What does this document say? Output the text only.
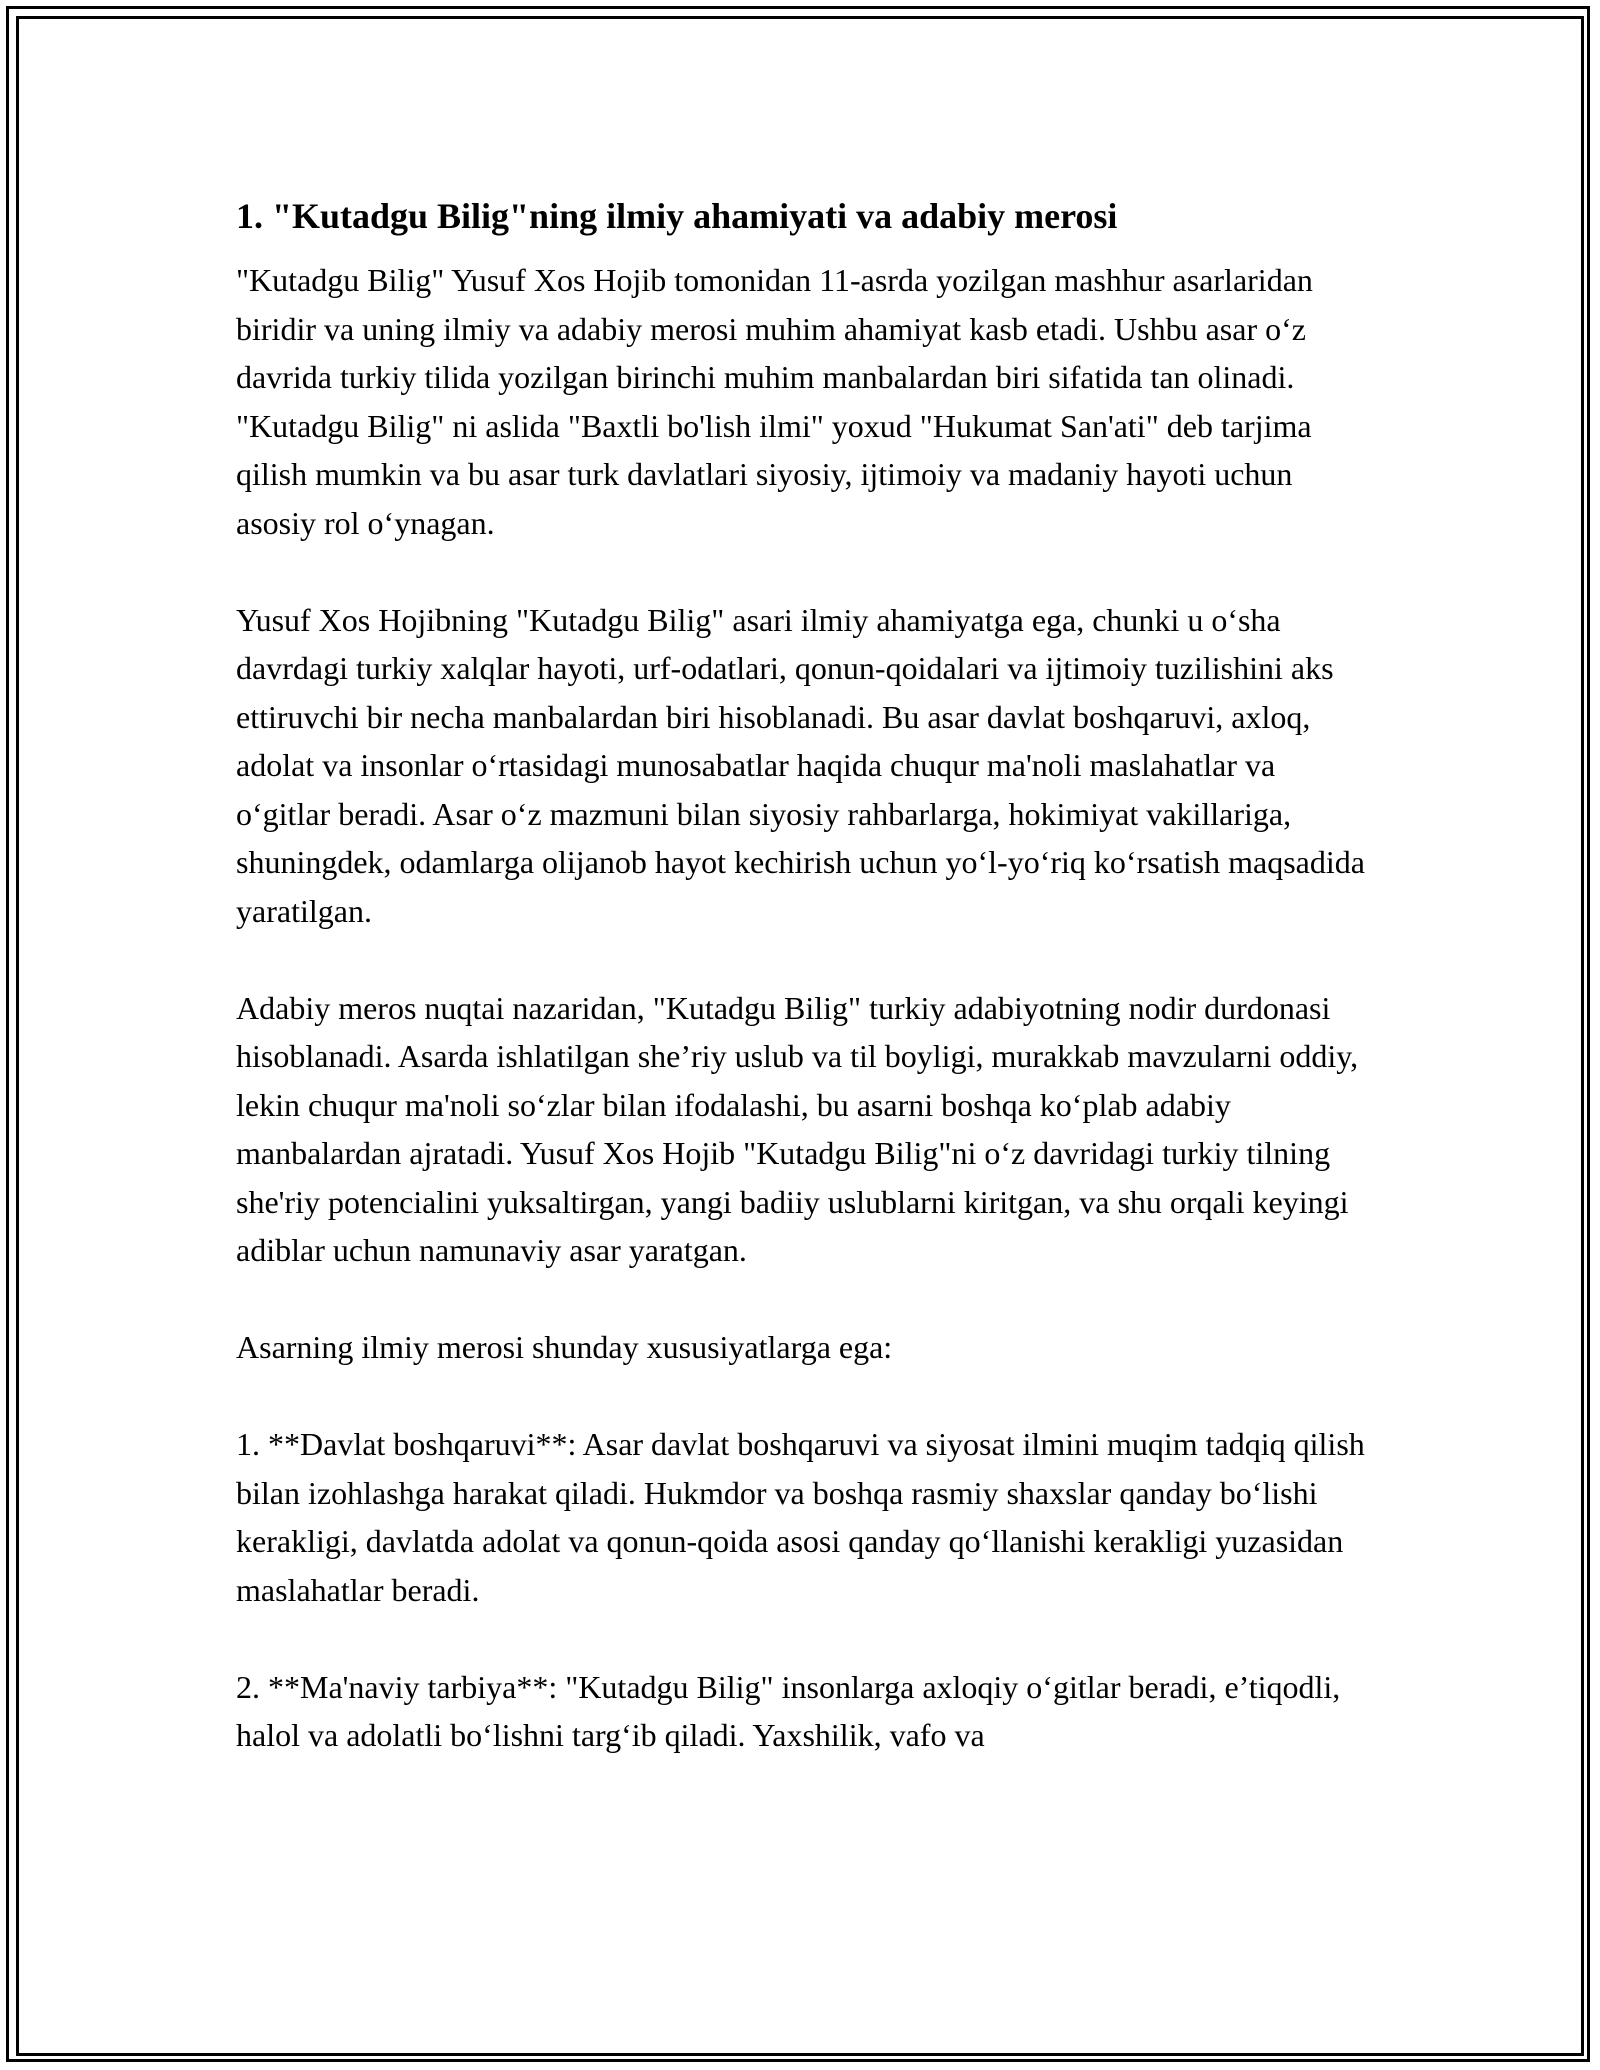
1. "Kutadgu Bilig"ning ilmiy ahamiyati va adabiy merosi

"Kutadgu Bilig" Yusuf Xos Hojib tomonidan 11-asrda yozilgan mashhur asarlaridan biridir va uning ilmiy va adabiy merosi muhim ahamiyat kasb etadi. Ushbu asar o‘z davrida turkiy tilida yozilgan birinchi muhim manbalardan biri sifatida tan olinadi. "Kutadgu Bilig" ni aslida "Baxtli bo'lish ilmi" yoxud "Hukumat San'ati" deb tarjima qilish mumkin va bu asar turk davlatlari siyosiy, ijtimoiy va madaniy hayoti uchun asosiy rol o‘ynagan.

Yusuf Xos Hojibning "Kutadgu Bilig" asari ilmiy ahamiyatga ega, chunki u o‘sha davrdagi turkiy xalqlar hayoti, urf-odatlari, qonun-qoidalari va ijtimoiy tuzilishini aks ettiruvchi bir necha manbalardan biri hisoblanadi. Bu asar davlat boshqaruvi, axloq, adolat va insonlar o‘rtasidagi munosabatlar haqida chuqur ma'noli maslahatlar va o‘gitlar beradi. Asar o‘z mazmuni bilan siyosiy rahbarlarga, hokimiyat vakillariga, shuningdek, odamlarga olijanob hayot kechirish uchun yo‘l-yo‘riq ko‘rsatish maqsadida yaratilgan.

Adabiy meros nuqtai nazaridan, "Kutadgu Bilig" turkiy adabiyotning nodir durdonasi hisoblanadi. Asarda ishlatilgan she’riy uslub va til boyligi, murakkab mavzularni oddiy, lekin chuqur ma'noli so‘zlar bilan ifodalashi, bu asarni boshqa ko‘plab adabiy manbalardan ajratadi. Yusuf Xos Hojib "Kutadgu Bilig"ni o‘z davridagi turkiy tilning she'riy potencialini yuksaltirgan, yangi badiiy uslublarni kiritgan, va shu orqali keyingi adiblar uchun namunaviy asar yaratgan.

Asarning ilmiy merosi shunday xususiyatlarga ega:

1. **Davlat boshqaruvi**: Asar davlat boshqaruvi va siyosat ilmini muqim tadqiq qilish bilan izohlashga harakat qiladi. Hukmdor va boshqa rasmiy shaxslar qanday bo‘lishi kerakligi, davlatda adolat va qonun-qoida asosi qanday qo‘llanishi kerakligi yuzasidan maslahatlar beradi.

2. **Ma'naviy tarbiya**: "Kutadgu Bilig" insonlarga axloqiy o‘gitlar beradi, e’tiqodli, halol va adolatli bo‘lishni targ‘ib qiladi. Yaxshilik, vafo va
